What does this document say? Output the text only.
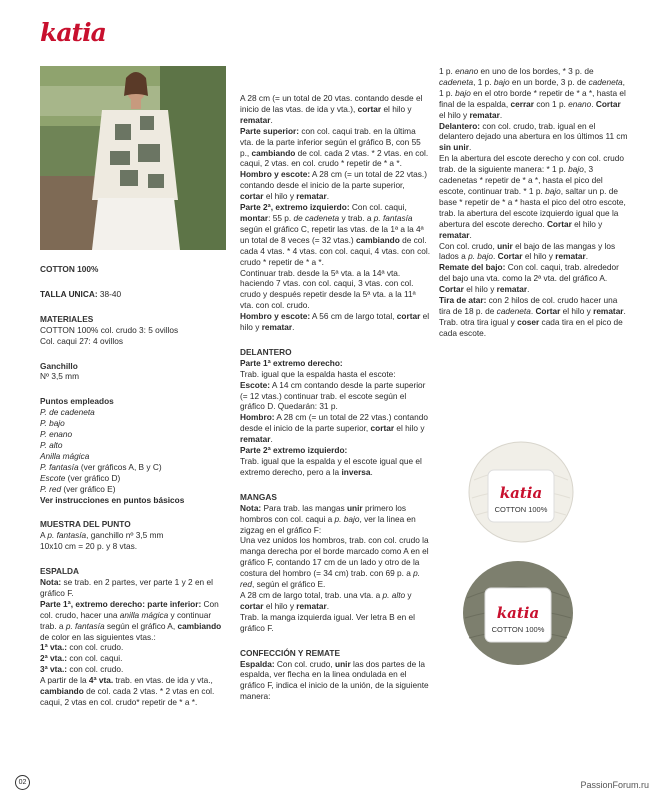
katia

COTTON 100%

TALLA UNICA: 38-40

MATERIALES

COTTON 100% col. crudo 3: 5 ovillos

Col. caqui 27: 4 ovillos

Ganchillo

Nº 3,5 mm

Puntos empleados

P. de cadeneta

P. bajo

P. enano

P. alto

Anilla mágica

P. fantasía (ver gráficos A, B y C)

Escote (ver gráfico D)

P. red (ver gráfico E)

Ver instrucciones en puntos básicos

MUESTRA DEL PUNTO

A p. fantasía, ganchillo nº 3,5 mm

10x10 cm = 20 p. y 8 vtas.

ESPALDA

Nota: se trab. en 2 partes, ver parte 1 y 2 en el gráfico F.

Parte 1ª, extremo derecho: parte inferior: Con col. crudo, hacer una anilla mágica y continuar trab. a p. fantasía según el gráfico A, cambiando de color en las siguientes vtas.:

1ª vta.: con col. crudo.

2ª vta.: con col. caqui.

3ª vta.: con col. crudo.

A partir de la 4ª vta. trab. en vtas. de ida y vta., cambiando de col. cada 2 vtas. * 2 vtas en col. caqui, 2 vtas en col. crudo* repetir de * a *.

A 28 cm (= un total de 20 vtas. contando desde el inicio de las vtas. de ida y vta.), cortar el hilo y rematar.

Parte superior: con col. caqui trab. en la última vta. de la parte inferior según el gráfico B, con 55 p., cambiando de col. cada 2 vtas. * 2 vtas. en col. caqui, 2 vtas. en col. crudo * repetir de * a *.

Hombro y escote: A 28 cm (= un total de 22 vtas.) contando desde el inicio de la parte superior, cortar el hilo y rematar.

Parte 2ª, extremo izquierdo: Con col. caqui, montar: 55 p. de cadeneta y trab. a p. fantasía según el gráfico C, repetir las vtas. de la 1ª a la 4ª un total de 8 veces (= 32 vtas.) cambiando de col. cada 4 vtas. * 4 vtas. con col. caqui, 4 vtas. con col. crudo * repetir de * a *.

Continuar trab. desde la 5ª vta. a la 14ª vta. haciendo 7 vtas. con col. caqui, 3 vtas. con col. crudo y después repetir desde la 5ª vta. a la 11ª vta. con col. crudo.

Hombro y escote: A 56 cm de largo total, cortar el hilo y rematar.

DELANTERO

Parte 1ª extremo derecho:

Trab. igual que la espalda hasta el escote:

Escote: A 14 cm contando desde la parte superior (= 12 vtas.) continuar trab. el escote según el gráfico D. Quedarán: 31 p.

Hombro: A 28 cm (= un total de 22 vtas.) contando desde el inicio de la parte superior, cortar el hilo y rematar.

Parte 2ª extremo izquierdo:

Trab. igual que la espalda y el escote igual que el extremo derecho, pero a la inversa.

MANGAS

Nota: Para trab. las mangas unir primero los hombros con col. caqui a p. bajo, ver la linea en zigzag en el gráfico F:

Una vez unidos los hombros, trab. con col. crudo la manga derecha por el borde marcado como A en el gráfico F, contando 17 cm de un lado y otro de la costura del hombro (= 34 cm) trab. con 69 p. a p. red, según el gráfico E.

A 28 cm de largo total, trab. una vta. a p. alto y cortar el hilo y rematar.

Trab. la manga izquierda igual. Ver letra B en el gráfico F.

CONFECCIÓN Y REMATE

Espalda: Con col. crudo, unir las dos partes de la espalda, ver flecha en la linea ondulada en el gráfico F, indica el inicio de la unión, de la siguiente manera:

1 p. enano en uno de los bordes, * 3 p. de cadeneta, 1 p. bajo en un borde, 3 p. de cadeneta, 1 p. bajo en el otro borde * repetir de * a *, hasta el final de la espalda, cerrar con 1 p. enano. Cortar el hilo y rematar.

Delantero: con col. crudo, trab. igual en el delantero dejado una abertura en los últimos 11 cm sin unir.

En la abertura del escote derecho y con col. crudo trab. de la siguiente manera: * 1 p. bajo, 3 cadenetas * repetir de * a *, hasta el pico del escote, continuar trab. * 1 p. bajo, saltar un p. de base * repetir de * a * hasta el pico del otro escote, trab. la abertura del escote izquierdo igual que la abertura del escote derecho. Cortar el hilo y rematar.

Con col. crudo, unir el bajo de las mangas y los lados a p. bajo. Cortar el hilo y rematar.

Remate del bajo: Con col. caqui, trab. alrededor del bajo una vta. como la 2ª vta. del gráfico A.

Cortar el hilo y rematar.

Tira de atar: con 2 hilos de col. crudo hacer una tira de 18 p. de cadeneta. Cortar el hilo y rematar.

Trab. otra tira igual y coser cada tira en el pico de cada escote.

katia
COTTON 100%
katia
COTTON 100%
02	PassionForum.ru
